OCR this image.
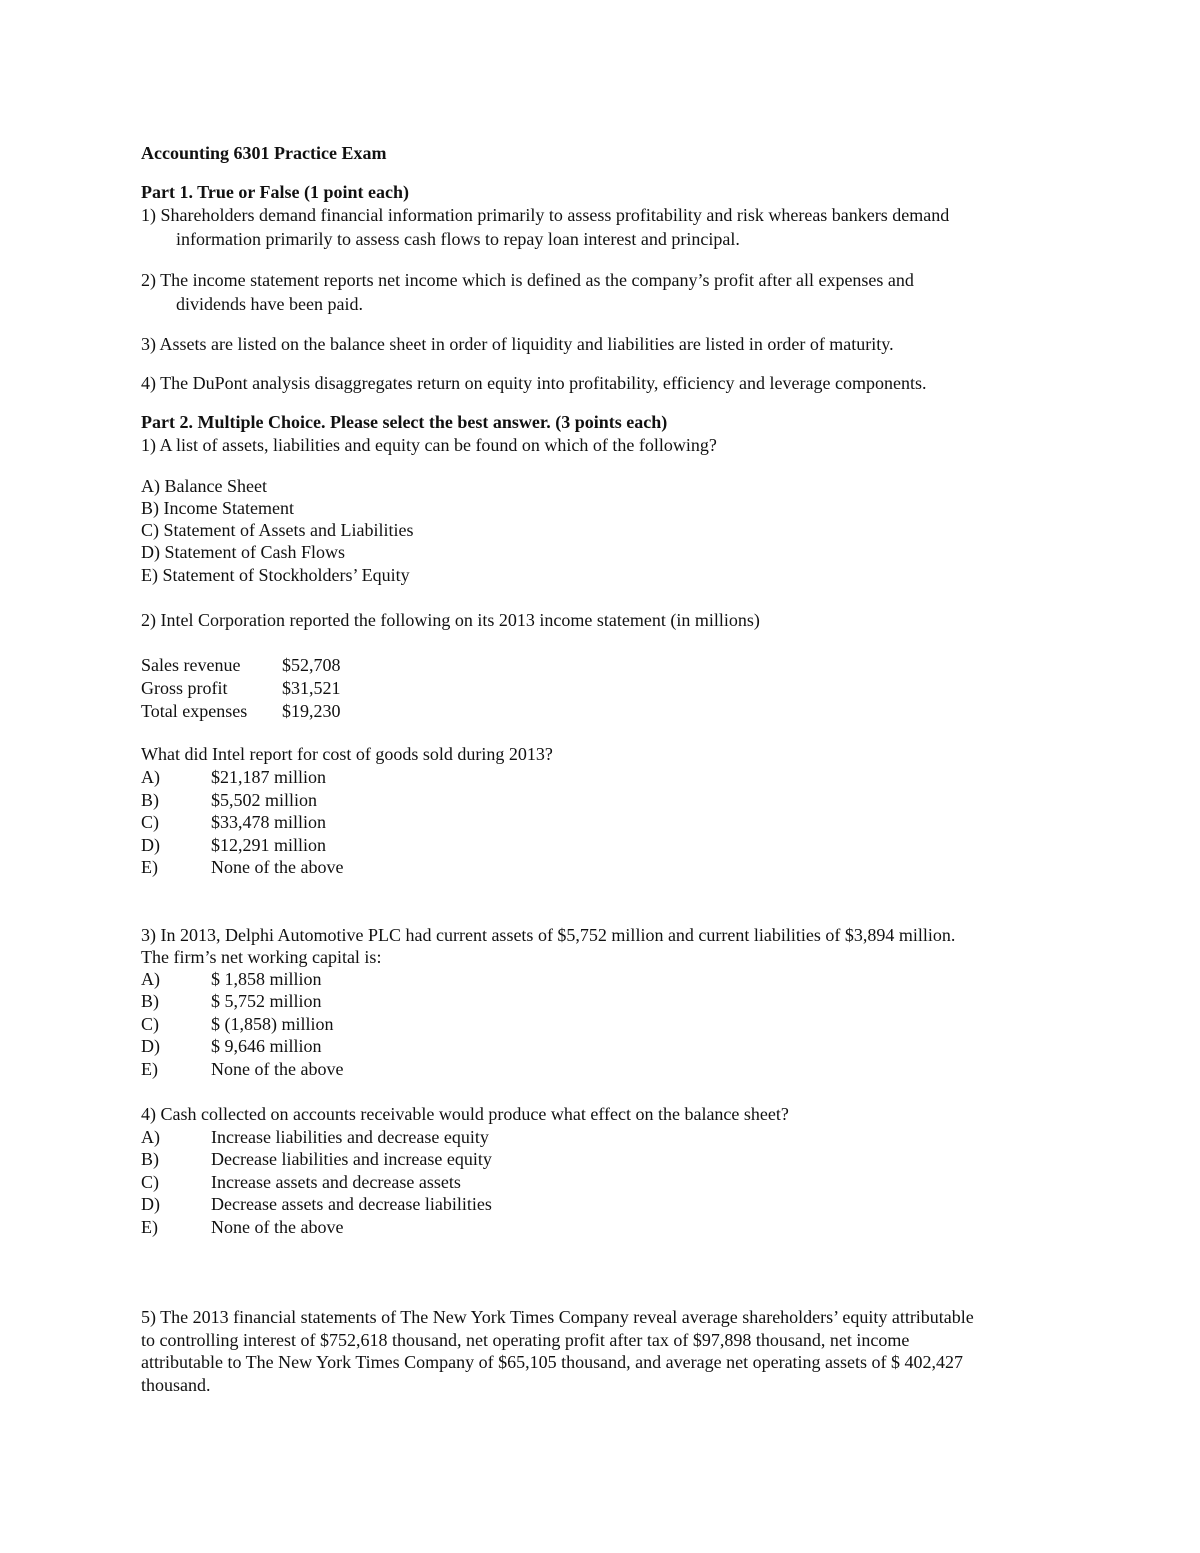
Accounting 6301 Practice Exam
Part 1. True or False (1 point each)
1) Shareholders demand financial information primarily to assess profitability and risk whereas bankers demand
information primarily to assess cash flows to repay loan interest and principal.
2) The income statement reports net income which is defined as the company’s profit after all expenses and
dividends have been paid.
3) Assets are listed on the balance sheet in order of liquidity and liabilities are listed in order of maturity.
4) The DuPont analysis disaggregates return on equity into profitability, efficiency and leverage components.
Part 2. Multiple Choice. Please select the best answer. (3 points each)
1) A list of assets, liabilities and equity can be found on which of the following?
A) Balance Sheet
B) Income Statement
C) Statement of Assets and Liabilities
D) Statement of Cash Flows
E) Statement of Stockholders’ Equity
2) Intel Corporation reported the following on its 2013 income statement (in millions)
Sales revenue $52,708
Gross profit	$31,521
Total expenses $19,230
What did Intel report for cost of goods sold during 2013?
A)	$21,187 million
B)	$5,502 million
C)	$33,478 million
D)	$12,291 million
E)	None of the above
3) In 2013, Delphi Automotive PLC had current assets of $5,752 million and current liabilities of $3,894 million.
The firm’s net working capital is:
A)	$ 1,858 million
B)	$ 5,752 million
C)	$ (1,858) million
D)	$ 9,646 million
E)	None of the above
4) Cash collected on accounts receivable would produce what effect on the balance sheet?
A)	Increase liabilities and decrease equity
B)	Decrease liabilities and increase equity
C)	Increase assets and decrease assets
D)	Decrease assets and decrease liabilities
E)	None of the above
5) The 2013 financial statements of The New York Times Company reveal average shareholders’ equity attributable
to controlling interest of $752,618 thousand, net operating profit after tax of $97,898 thousand, net income
attributable to The New York Times Company of $65,105 thousand, and average net operating assets of $ 402,427
thousand.
